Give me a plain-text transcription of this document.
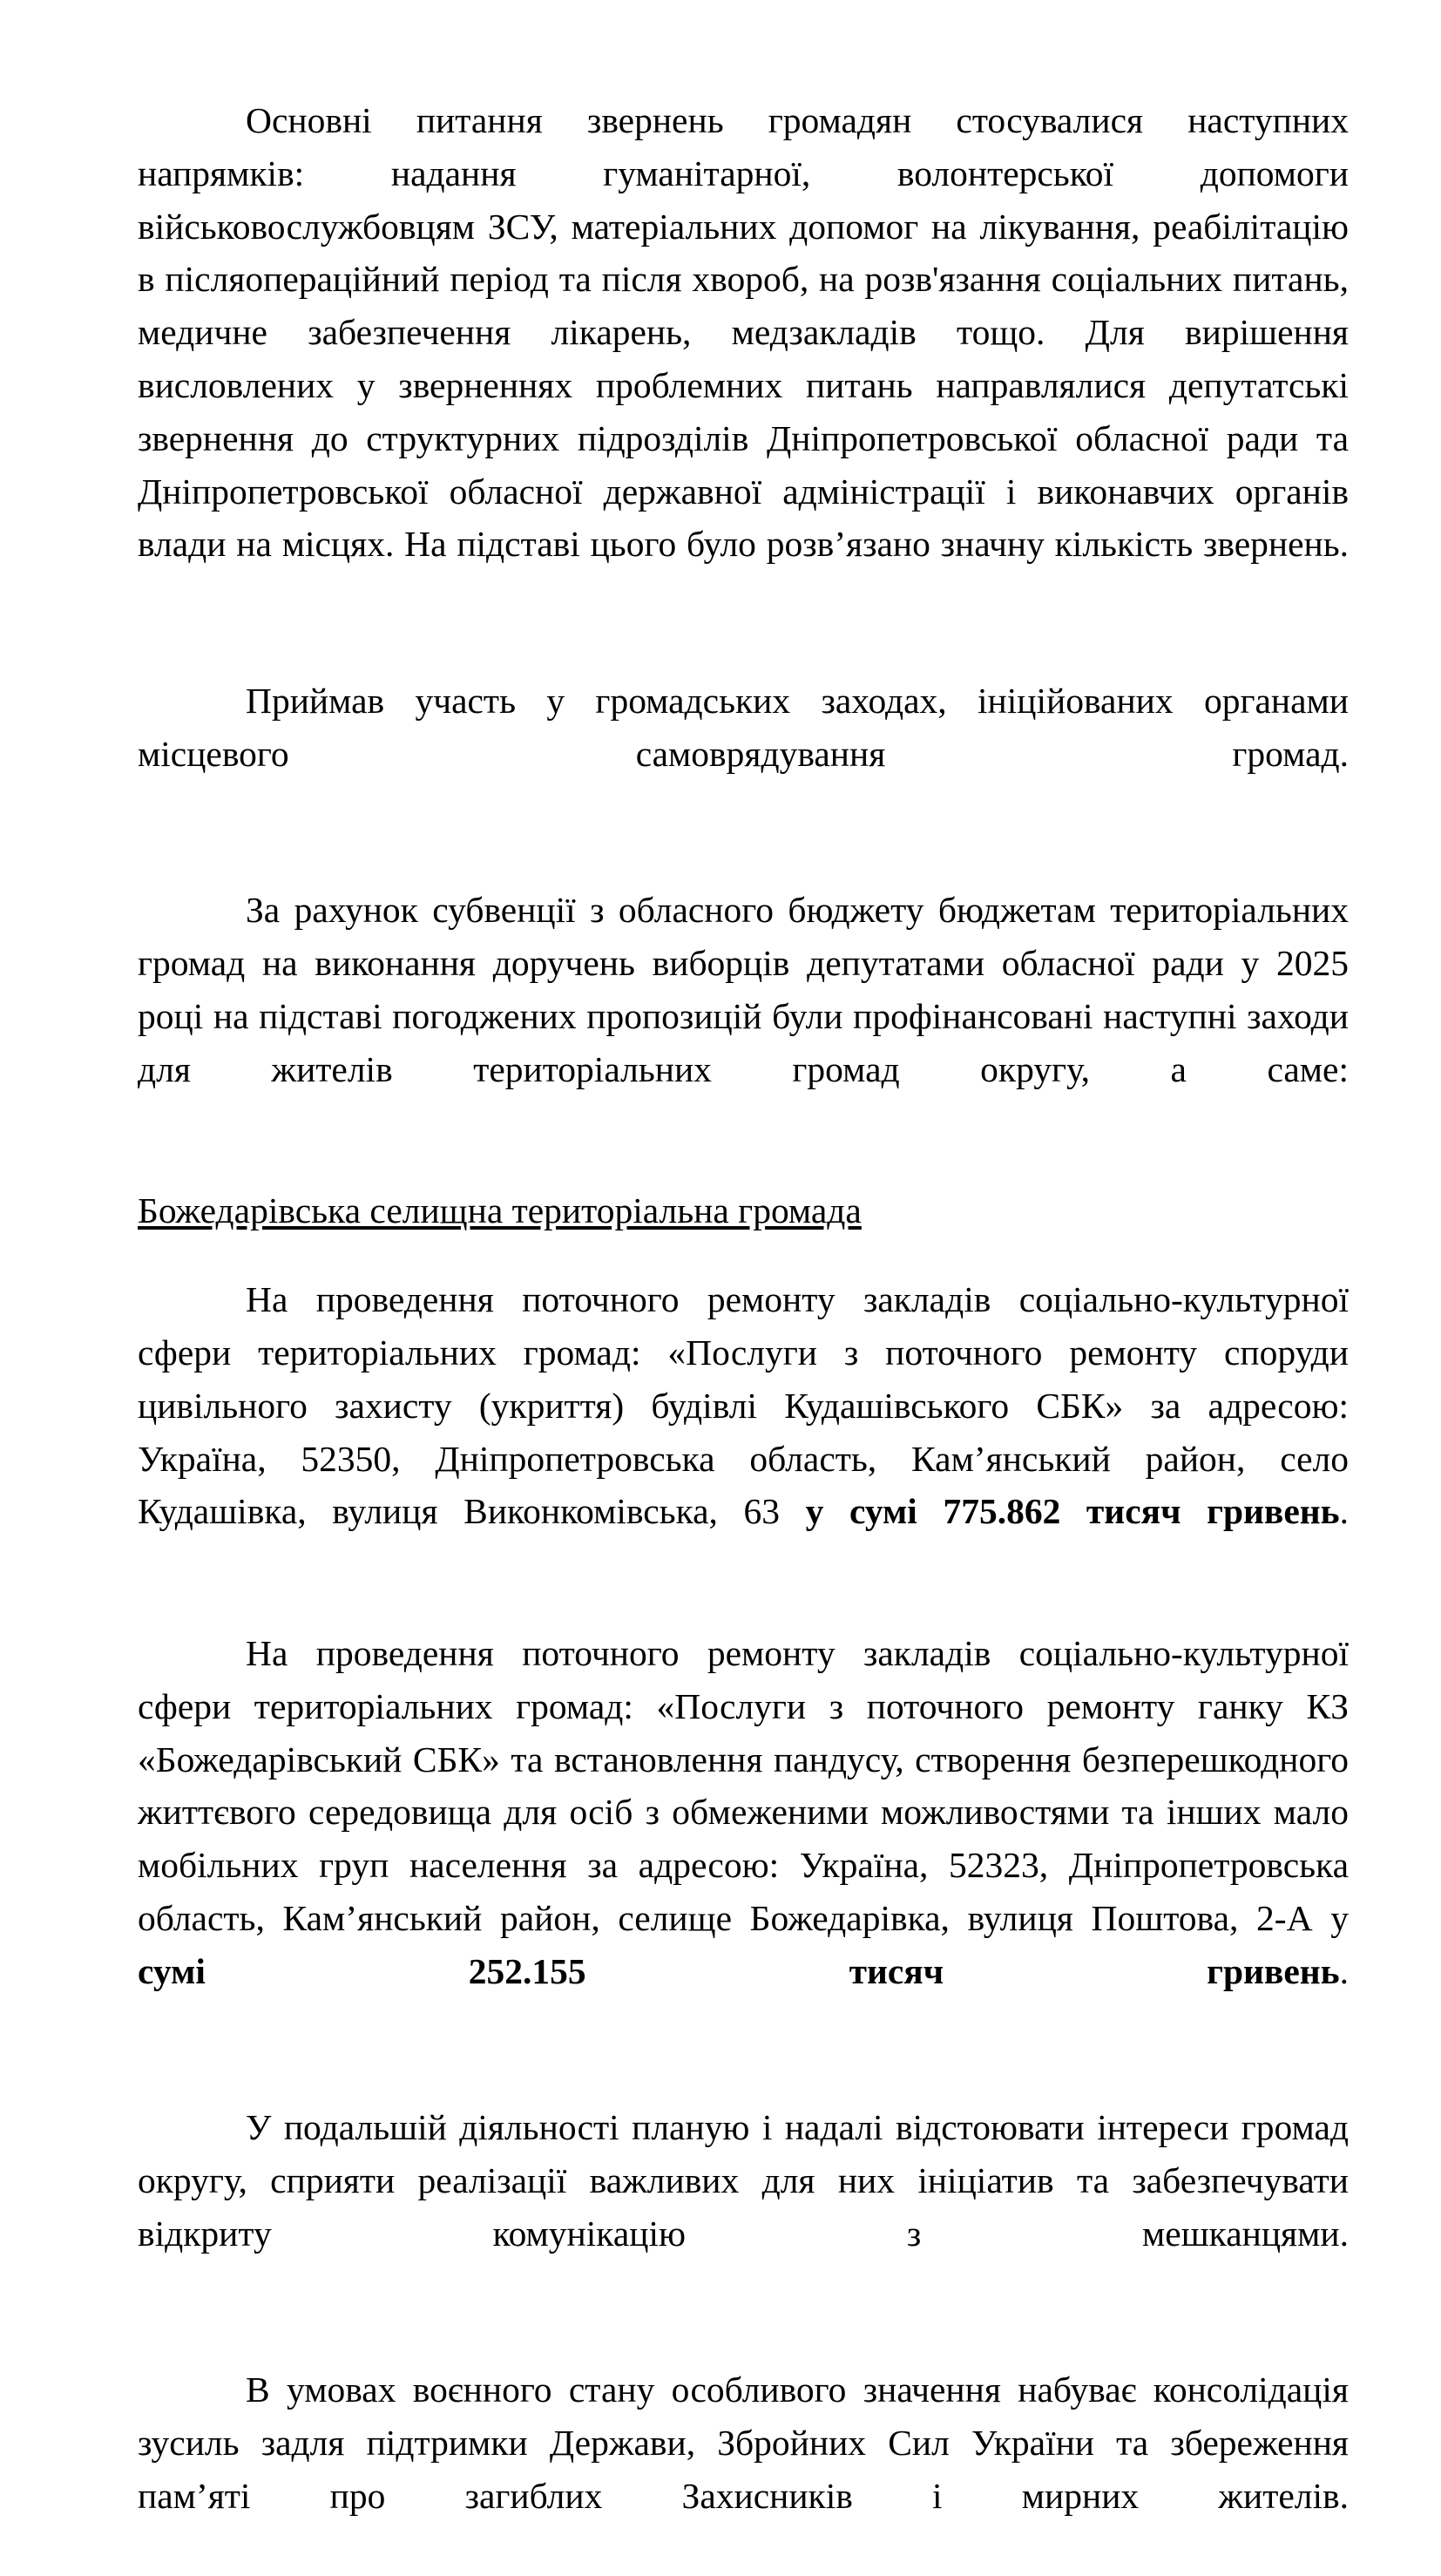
Основні питання звернень громадян стосувалися наступних напрямків: надання гуманітарної, волонтерської допомоги військовослужбовцям ЗСУ, матеріальних допомог на лікування, реабілітацію в післяопераційний період та після хвороб, на розв'язання соціальних питань, медичне забезпечення лікарень, медзакладів тощо. Для вирішення висловлених у зверненнях проблемних питань направлялися депутатські звернення до структурних підрозділів Дніпропетровської обласної ради та Дніпропетровської обласної державної адміністрації і виконавчих органів влади на місцях. На підставі цього було розв’язано значну кількість звернень.

Приймав участь у громадських заходах, ініційованих органами місцевого самоврядування громад.

За рахунок субвенції з обласного бюджету бюджетам територіальних громад на виконання доручень виборців депутатами обласної ради у 2025 році на підставі погоджених пропозицій були профінансовані наступні заходи для жителів територіальних громад округу, а саме:

Божедарівська селищна територіальна громада

На проведення поточного ремонту закладів соціально-культурної сфери територіальних громад: «Послуги з поточного ремонту споруди цивільного захисту (укриття) будівлі Кудашівського СБК» за адресою: Україна, 52350, Дніпропетровська область, Кам’янський район, село Кудашівка, вулиця Виконкомівська, 63 у сумі 775.862 тисяч гривень.

На проведення поточного ремонту закладів соціально-культурної сфери територіальних громад: «Послуги з поточного ремонту ганку КЗ «Божедарівський СБК» та встановлення пандусу, створення безперешкодного життєвого середовища для осіб з обмеженими можливостями та інших мало мобільних груп населення за адресою: Україна, 52323, Дніпропетровська область, Кам’янський район, селище Божедарівка, вулиця Поштова, 2-А у сумі 252.155 тисяч гривень.

У подальшій діяльності планую і надалі відстоювати інтереси громад округу, сприяти реалізації важливих для них ініціатив та забезпечувати відкриту комунікацію з мешканцями.

В умовах воєнного стану особливого значення набуває консолідація зусиль задля підтримки Держави, Збройних Сил України та збереження пам’яті про загиблих Захисників і мирних жителів.
